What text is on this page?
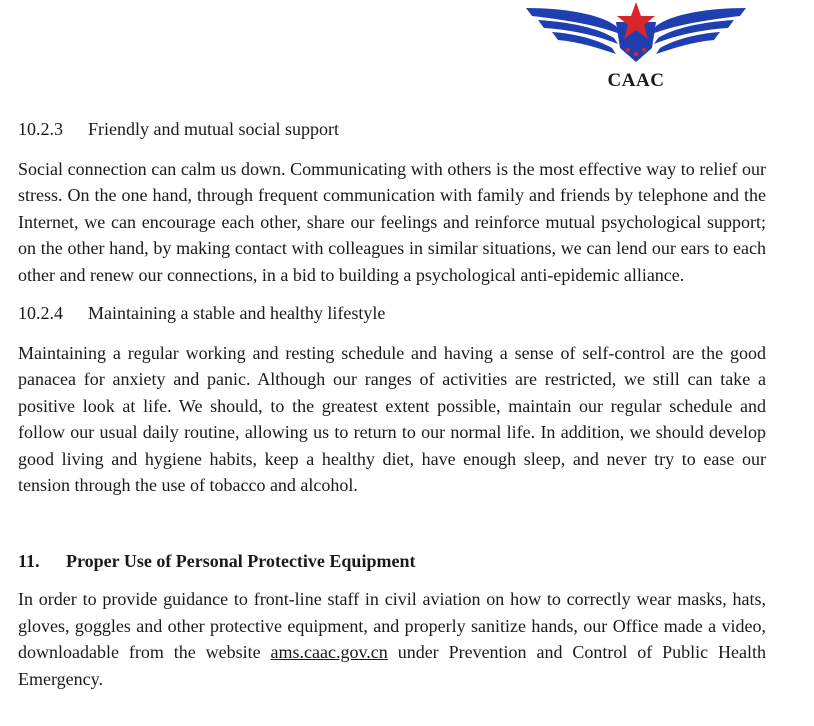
CAAC

10.2.3 Friendly and mutual social support

Social connection can calm us down. Communicating with others is the most effective way to relief our stress. On the one hand, through frequent communication with family and friends by telephone and the Internet, we can encourage each other, share our feelings and reinforce mutual psychological support; on the other hand, by making contact with colleagues in similar situations, we can lend our ears to each other and renew our connections, in a bid to building a psychological anti-epidemic alliance.

10.2.4 Maintaining a stable and healthy lifestyle

Maintaining a regular working and resting schedule and having a sense of self-control are the good panacea for anxiety and panic. Although our ranges of activities are restricted, we still can take a positive look at life. We should, to the greatest extent possible, maintain our regular schedule and follow our usual daily routine, allowing us to return to our normal life. In addition, we should develop good living and hygiene habits, keep a healthy diet, have enough sleep, and never try to ease our tension through the use of tobacco and alcohol.

11. Proper Use of Personal Protective Equipment

In order to provide guidance to front-line staff in civil aviation on how to correctly wear masks, hats, gloves, goggles and other protective equipment, and properly sanitize hands, our Office made a video, downloadable from the website ams.caac.gov.cn under Prevention and Control of Public Health Emergency.
